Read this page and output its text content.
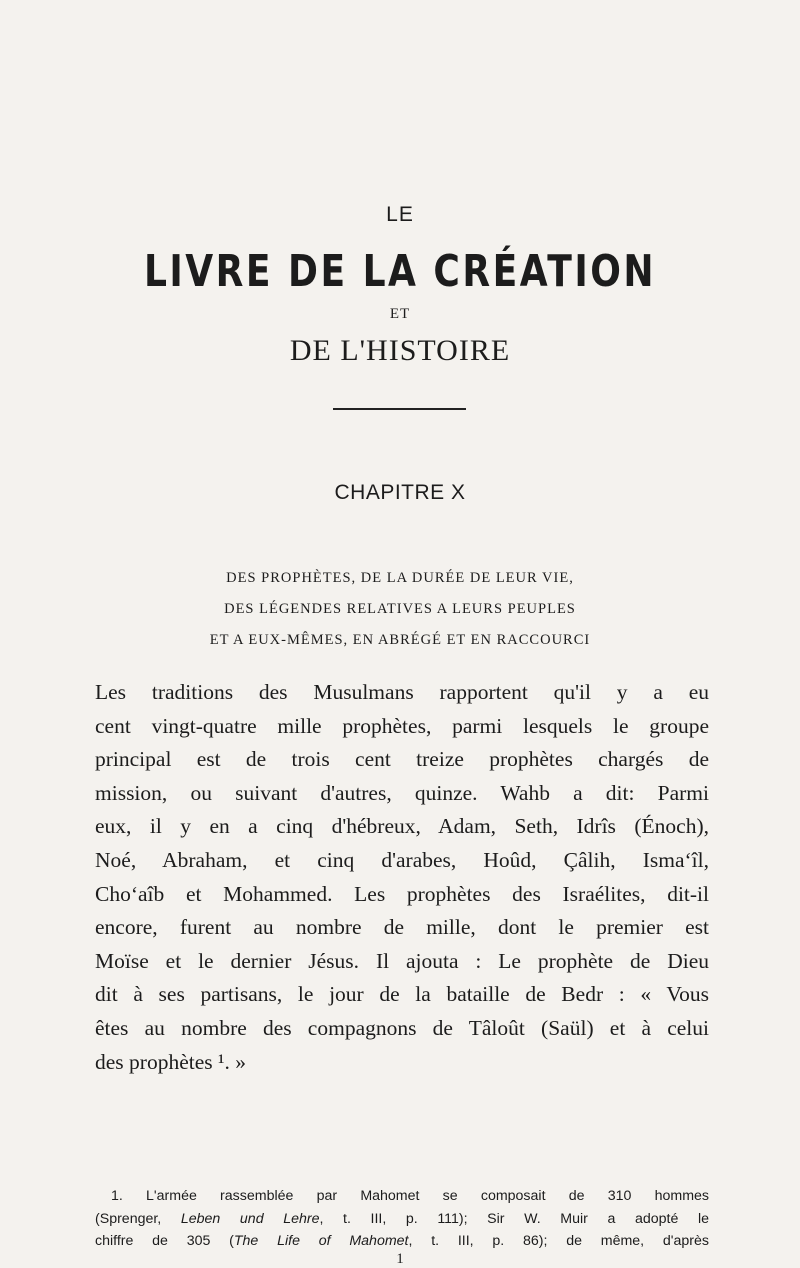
LE
LIVRE DE LA CRÉATION
ET
DE L'HISTOIRE
CHAPITRE X
DES PROPHÈTES, DE LA DURÉE DE LEUR VIE,
DES LÉGENDES RELATIVES A LEURS PEUPLES
ET A EUX-MÊMES, EN ABRÉGÉ ET EN RACCOURCI
Les traditions des Musulmans rapportent qu'il y a eu
cent vingt-quatre mille prophètes, parmi lesquels le groupe
principal est de trois cent treize prophètes chargés de
mission, ou suivant d'autres, quinze. Wahb a dit: Parmi
eux, il y en a cinq d'hébreux, Adam, Seth, Idrîs (Énoch),
Noé, Abraham, et cinq d'arabes, Hoûd, Çâlih, Isma‘îl,
Cho‘aîb et Mohammed. Les prophètes des Israélites, dit-il
encore, furent au nombre de mille, dont le premier est
Moïse et le dernier Jésus. Il ajouta : Le prophète de Dieu
dit à ses partisans, le jour de la bataille de Bedr : « Vous
êtes au nombre des compagnons de Tâloût (Saül) et à celui
des prophètes ¹. »
1. L'armée rassemblée par Mahomet se composait de 310 hommes
(Sprenger, Leben und Lehre, t. III, p. 111); Sir W. Muir a adopté le
chiffre de 305 (The Life of Mahomet, t. III, p. 86); de même, d'après
1
